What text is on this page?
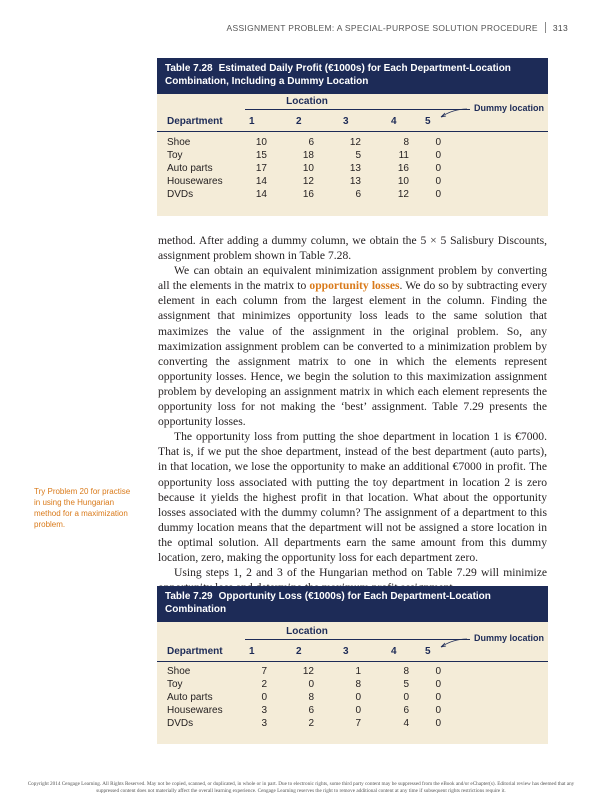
ASSIGNMENT PROBLEM: A SPECIAL-PURPOSE SOLUTION PROCEDURE 313
Table 7.28 Estimated Daily Profit (€1000s) for Each Department-Location Combination, Including a Dummy Location
Location
Dummy location
Department	1	2	3	4	5
Shoe	10	6	12	8	0
Toy	15	18	5	11	0
Auto parts	17	10	13	16	0
Housewares	14	12	13	10	0
DVDs	14	16	6	12	0

method. After adding a dummy column, we obtain the 5 × 5 Salisbury Discounts, assignment problem shown in Table 7.28.

We can obtain an equivalent minimization assignment problem by converting all the elements in the matrix to opportunity losses. We do so by subtracting every element in each column from the largest element in the column. Finding the assignment that minimizes opportunity loss leads to the same solution that maximizes the value of the assignment in the original problem. So, any maximization assignment problem can be converted to a minimization problem by converting the assignment matrix to one in which the elements represent opportunity losses. Hence, we begin the solution to this maximization assignment problem by developing an assignment matrix in which each element represents the opportunity loss for not making the ‘best’ assignment. Table 7.29 presents the opportunity losses.

The opportunity loss from putting the shoe department in location 1 is €7000. That is, if we put the shoe department, instead of the best department (auto parts), in that location, we lose the opportunity to make an additional €7000 in profit. The opportunity loss associated with putting the toy department in location 2 is zero because it yields the highest profit in that location. What about the opportunity losses associated with the dummy column? The assignment of a department to this dummy location means that the department will not be assigned a store location in the optimal solution. All departments earn the same amount from this dummy location, zero, making the opportunity loss for each department zero.

Using steps 1, 2 and 3 of the Hungarian method on Table 7.29 will minimize

Try Problem 20 for practise in using the Hungarian method for a maximization problem.
Table 7.29 Opportunity Loss (€1000s) for Each Department-Location Combination
Location
Dummy location
Department	1	2	3	4	5
Shoe	7	12	1	8	0
Toy	2	0	8	5	0
Auto parts	0	8	0	0	0
Housewares	3	6	0	6	0
DVDs	3	2	7	4	0
Copyright 2014 Cengage Learning. All Rights Reserved. May not be copied, scanned, or duplicated, in whole or in part. Due to electronic rights, some third party content may be suppressed from the eBook and/or eChapter(s). Editorial review has deemed that any suppressed content does not materially affect the overall learning experience. Cengage Learning reserves the right to remove additional content at any time if subsequent rights restrictions require it.
